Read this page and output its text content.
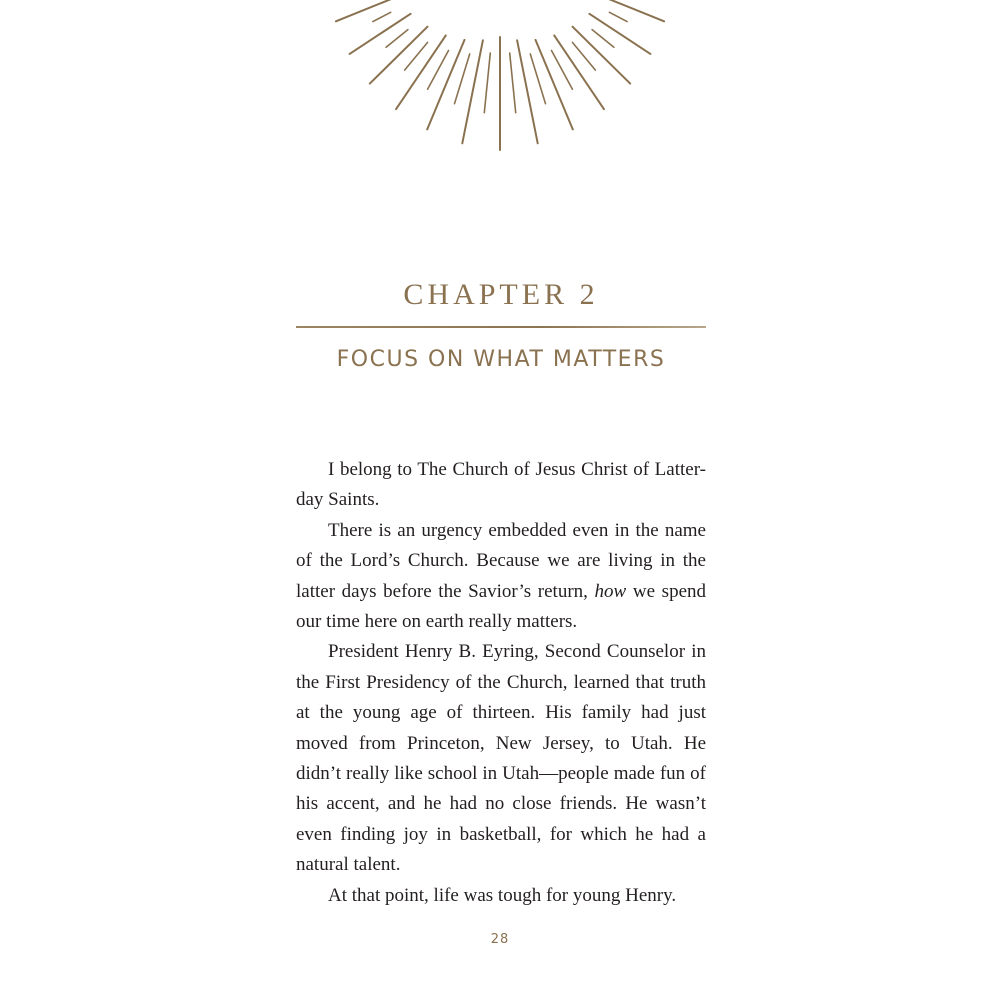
CHAPTER 2
FOCUS ON WHAT MATTERS

I belong to The Church of Jesus Christ of Latter-day Saints.

There is an urgency embedded even in the name of the Lord’s Church. Because we are living in the latter days before the Savior’s return, how we spend our time here on earth really matters.

President Henry B. Eyring, Second Counselor in the First Presidency of the Church, learned that truth at the young age of thirteen. His family had just moved from Princeton, New Jersey, to Utah. He didn’t really like school in Utah—people made fun of his accent, and he had no close friends. He wasn’t even finding joy in basketball, for which he had a natural talent.

At that point, life was tough for young Henry.

28
